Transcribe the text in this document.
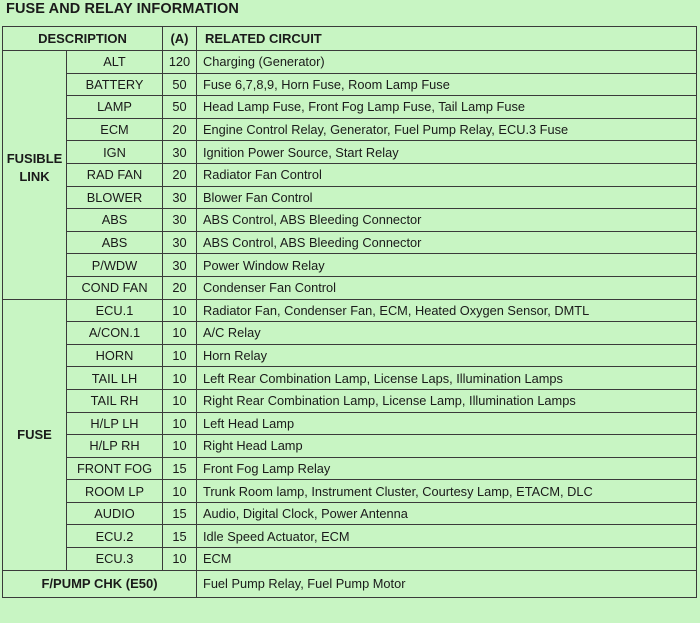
FUSE AND RELAY INFORMATION
DESCRIPTION		(A)	RELATED CIRCUIT
FUSIBLE LINK	ALT	120	Charging (Generator)
	BATTERY	50	Fuse 6,7,8,9, Horn Fuse, Room Lamp Fuse
	LAMP	50	Head Lamp Fuse, Front Fog Lamp Fuse, Tail Lamp Fuse
	ECM	20	Engine Control Relay, Generator, Fuel Pump Relay, ECU.3 Fuse
	IGN	30	Ignition Power Source, Start Relay
	RAD FAN	20	Radiator Fan Control
	BLOWER	30	Blower Fan Control
	ABS	30	ABS Control, ABS Bleeding Connector
	ABS	30	ABS Control, ABS Bleeding Connector
	P/WDW	30	Power Window Relay
	COND FAN	20	Condenser Fan Control
FUSE	ECU.1	10	Radiator Fan, Condenser Fan, ECM, Heated Oxygen Sensor, DMTL
	A/CON.1	10	A/C Relay
	HORN	10	Horn Relay
	TAIL LH	10	Left Rear Combination Lamp, License Laps, Illumination Lamps
	TAIL RH	10	Right Rear Combination Lamp, License Lamp, Illumination Lamps
	H/LP LH	10	Left Head Lamp
	H/LP RH	10	Right Head Lamp
	FRONT FOG	15	Front Fog Lamp Relay
	ROOM LP	10	Trunk Room lamp, Instrument Cluster, Courtesy Lamp, ETACM, DLC
	AUDIO	15	Audio, Digital Clock, Power Antenna
	ECU.2	15	Idle Speed Actuator, ECM
	ECU.3	10	ECM
F/PUMP CHK (E50)			Fuel Pump Relay, Fuel Pump Motor
